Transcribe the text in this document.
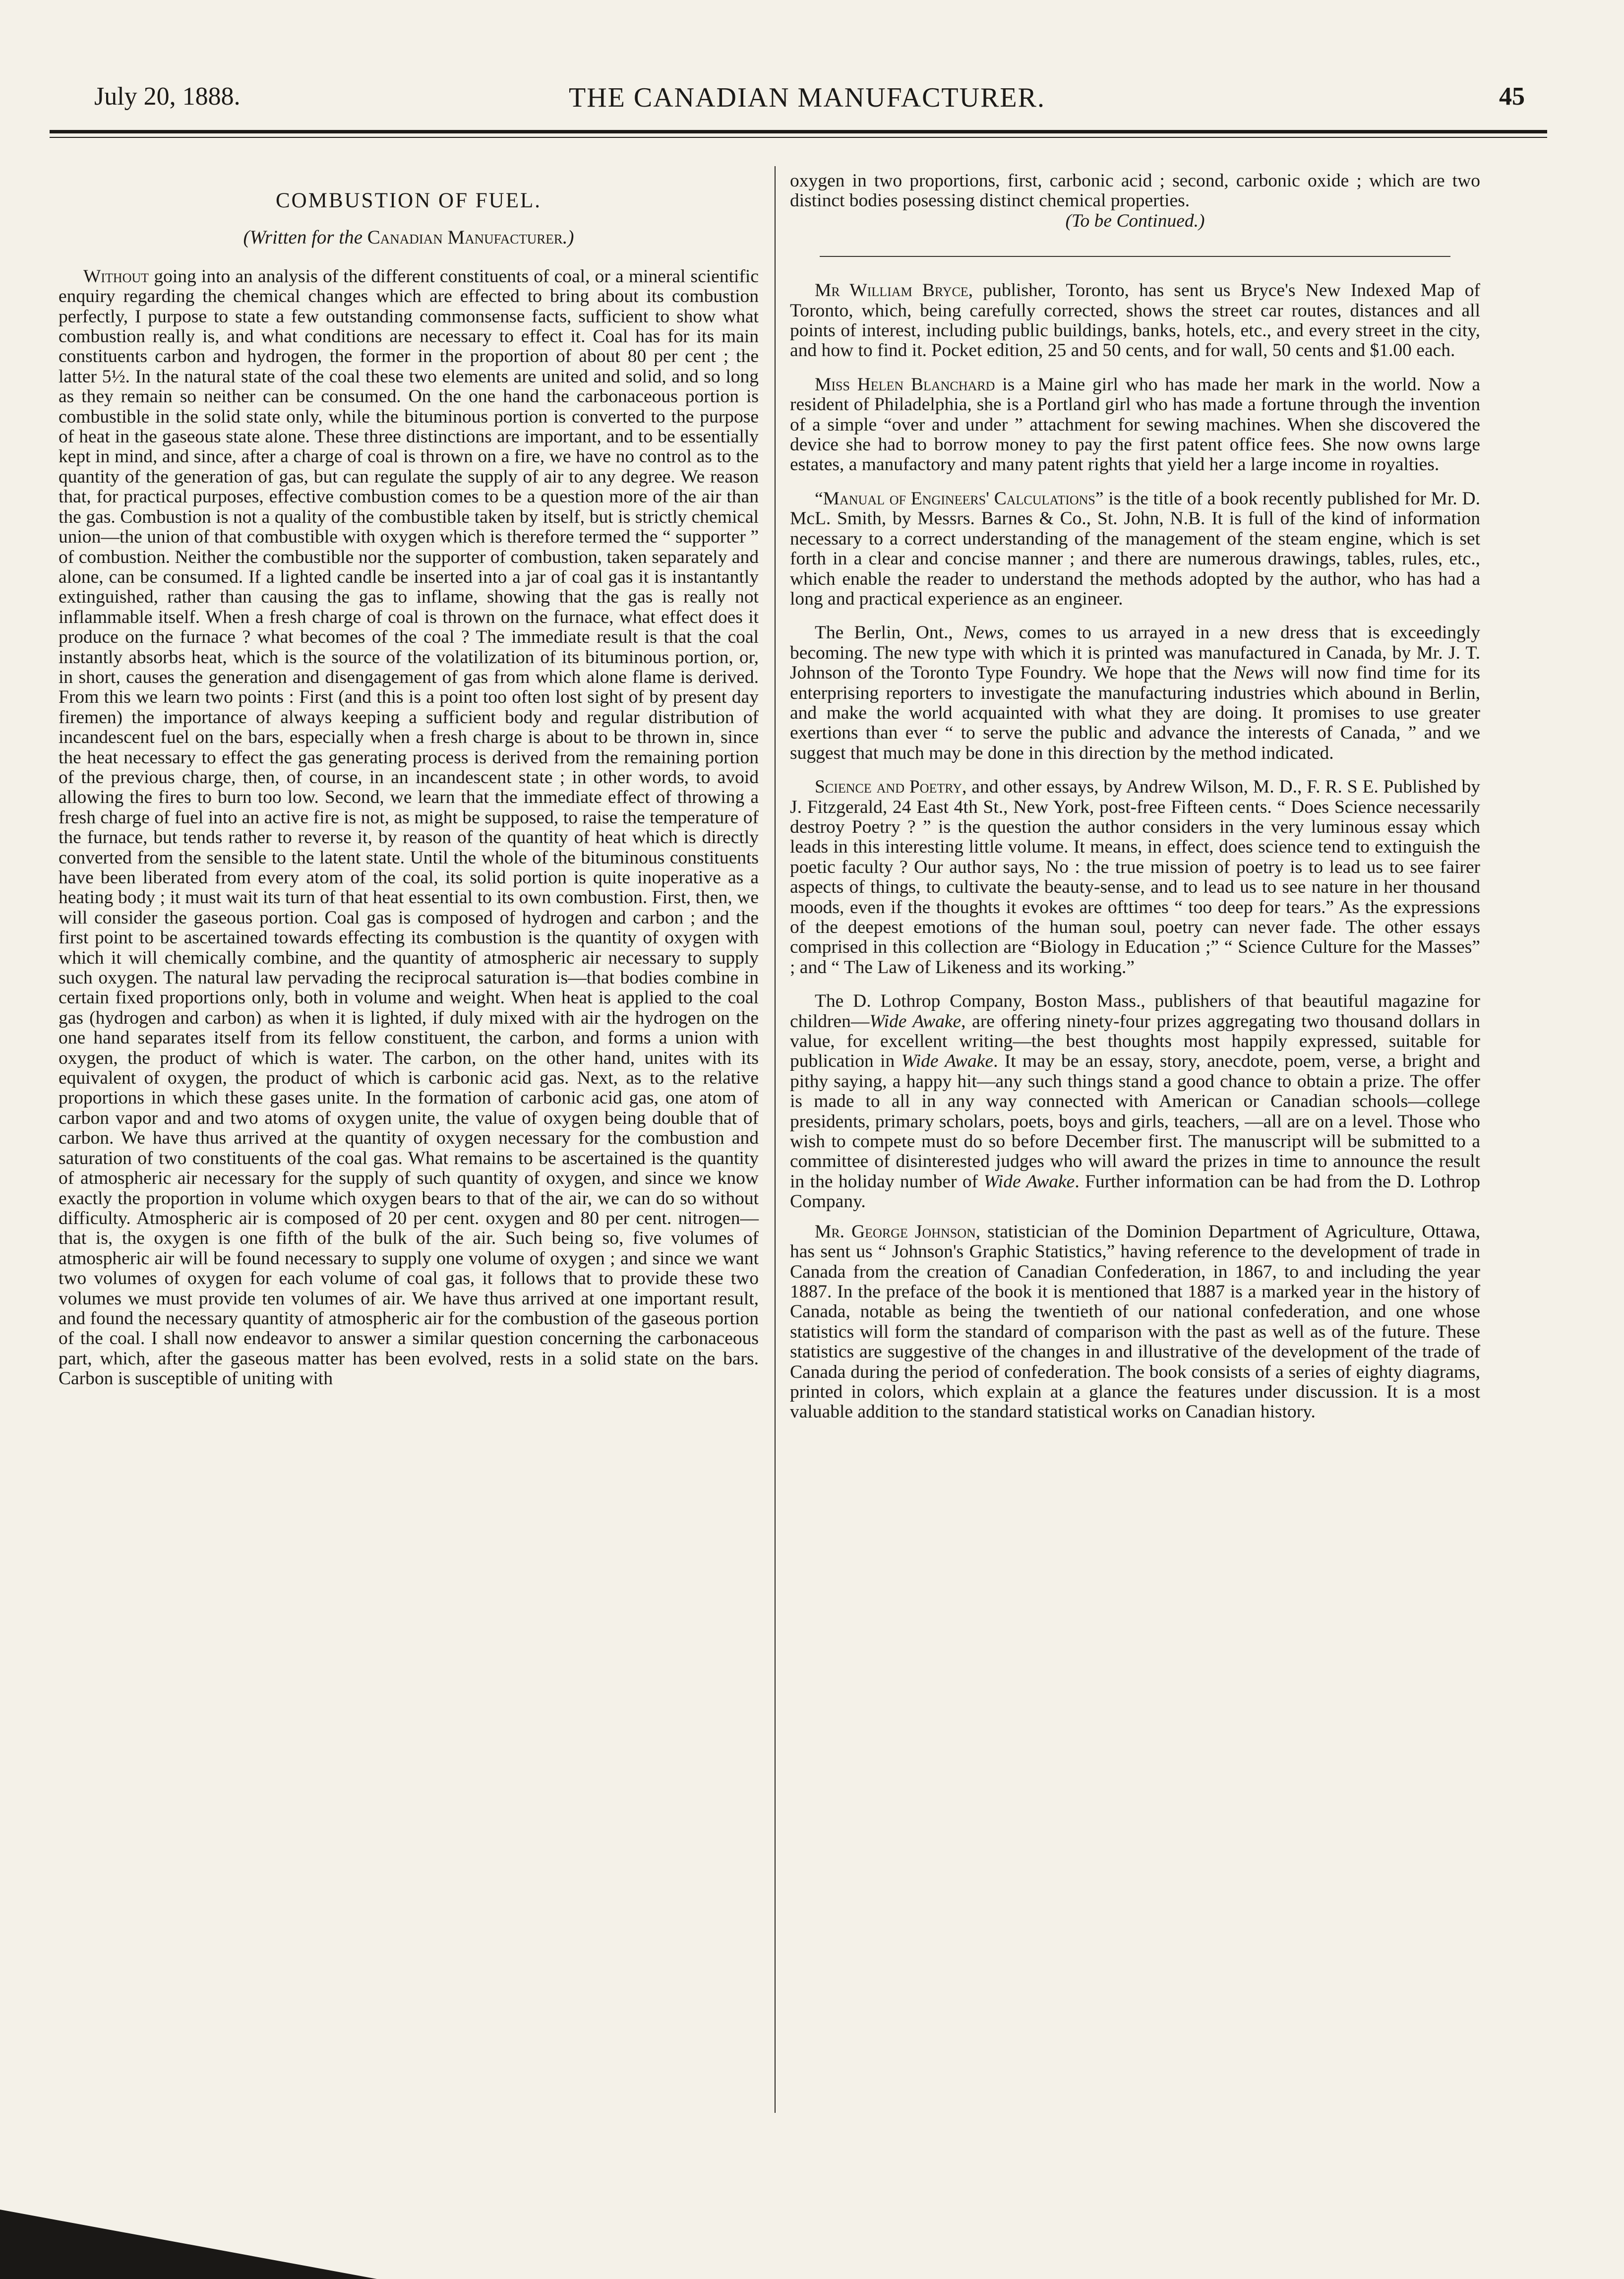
July 20, 1888.	THE CANADIAN MANUFACTURER.	45
COMBUSTION OF FUEL.
(Written for the Canadian Manufacturer.)

Without going into an analysis of the different constituents of coal, or a mineral scientific enquiry regarding the chemical changes which are effected to bring about its combustion perfectly, I purpose to state a few outstanding commonsense facts, sufficient to show what combustion really is, and what conditions are necessary to effect it. Coal has for its main constituents carbon and hydrogen, the former in the proportion of about 80 per cent ; the latter 5½. In the natural state of the coal these two elements are united and solid, and so long as they remain so neither can be consumed. On the one hand the carbonaceous portion is combustible in the solid state only, while the bituminous portion is converted to the purpose of heat in the gaseous state alone. These three distinctions are important, and to be essentially kept in mind, and since, after a charge of coal is thrown on a fire, we have no control as to the quantity of the generation of gas, but can regulate the supply of air to any degree. We reason that, for practical purposes, effective combustion comes to be a question more of the air than the gas. Combustion is not a quality of the combustible taken by itself, but is strictly chemical union—the union of that combustible with oxygen which is therefore termed the “ supporter ” of combustion. Neither the combustible nor the supporter of combustion, taken separately and alone, can be consumed. If a lighted candle be inserted into a jar of coal gas it is instantantly extinguished, rather than causing the gas to inflame, showing that the gas is really not inflammable itself. When a fresh charge of coal is thrown on the furnace, what effect does it produce on the furnace ? what becomes of the coal ? The immediate result is that the coal instantly absorbs heat, which is the source of the volatilization of its bituminous portion, or, in short, causes the generation and disengagement of gas from which alone flame is derived. From this we learn two points : First (and this is a point too often lost sight of by present day firemen) the importance of always keeping a sufficient body and regular distribution of incandescent fuel on the bars, especially when a fresh charge is about to be thrown in, since the heat necessary to effect the gas generating process is derived from the remaining portion of the previous charge, then, of course, in an incandescent state ; in other words, to avoid allowing the fires to burn too low. Second, we learn that the immediate effect of throwing a fresh charge of fuel into an active fire is not, as might be supposed, to raise the temperature of the furnace, but tends rather to reverse it, by reason of the quantity of heat which is directly converted from the sensible to the latent state. Until the whole of the bituminous constituents have been liberated from every atom of the coal, its solid portion is quite inoperative as a heating body ; it must wait its turn of that heat essential to its own combustion. First, then, we will consider the gaseous portion. Coal gas is composed of hydrogen and carbon ; and the first point to be ascertained towards effecting its combustion is the quantity of oxygen with which it will chemically combine, and the quantity of atmospheric air necessary to supply such oxygen. The natural law pervading the reciprocal saturation is—that bodies combine in certain fixed proportions only, both in volume and weight. When heat is applied to the coal gas (hydrogen and carbon) as when it is lighted, if duly mixed with air the hydrogen on the one hand separates itself from its fellow constituent, the carbon, and forms a union with oxygen, the product of which is water. The carbon, on the other hand, unites with its equivalent of oxygen, the product of which is carbonic acid gas. Next, as to the relative proportions in which these gases unite. In the formation of carbonic acid gas, one atom of carbon vapor and and two atoms of oxygen unite, the value of oxygen being double that of carbon. We have thus arrived at the quantity of oxygen necessary for the combustion and saturation of two constituents of the coal gas. What remains to be ascertained is the quantity of atmospheric air necessary for the supply of such quantity of oxygen, and since we know exactly the proportion in volume which oxygen bears to that of the air, we can do so without difficulty. Atmospheric air is composed of 20 per cent. oxygen and 80 per cent. nitrogen—that is, the oxygen is one fifth of the bulk of the air. Such being so, five volumes of atmospheric air will be found necessary to supply one volume of oxygen ; and since we want two volumes of oxygen for each volume of coal gas, it follows that to provide these two volumes we must provide ten volumes of air. We have thus arrived at one important result, and found the necessary quantity of atmospheric air for the combustion of the gaseous portion of the coal. I shall now endeavor to answer a similar question concerning the carbonaceous part, which, after the gaseous matter has been evolved, rests in a solid state on the bars. Carbon is susceptible of uniting with

oxygen in two proportions, first, carbonic acid ; second, carbonic oxide ; which are two distinct bodies posessing distinct chemical properties.

(To be Continued.)

Mr William Bryce, publisher, Toronto, has sent us Bryce's New Indexed Map of Toronto, which, being carefully corrected, shows the street car routes, distances and all points of interest, including public buildings, banks, hotels, etc., and every street in the city, and how to find it. Pocket edition, 25 and 50 cents, and for wall, 50 cents and $1.00 each.

Miss Helen Blanchard is a Maine girl who has made her mark in the world. Now a resident of Philadelphia, she is a Portland girl who has made a fortune through the invention of a simple “over and under ” attachment for sewing machines. When she discovered the device she had to borrow money to pay the first patent office fees. She now owns large estates, a manufactory and many patent rights that yield her a large income in royalties.

“Manual of Engineers' Calculations” is the title of a book recently published for Mr. D. McL. Smith, by Messrs. Barnes & Co., St. John, N.B. It is full of the kind of information necessary to a correct understanding of the management of the steam engine, which is set forth in a clear and concise manner ; and there are numerous drawings, tables, rules, etc., which enable the reader to understand the methods adopted by the author, who has had a long and practical experience as an engineer.

The Berlin, Ont., News, comes to us arrayed in a new dress that is exceedingly becoming. The new type with which it is printed was manufactured in Canada, by Mr. J. T. Johnson of the Toronto Type Foundry. We hope that the News will now find time for its enterprising reporters to investigate the manufacturing industries which abound in Berlin, and make the world acquainted with what they are doing. It promises to use greater exertions than ever “ to serve the public and advance the interests of Canada, ” and we suggest that much may be done in this direction by the method indicated.

Science and Poetry, and other essays, by Andrew Wilson, M. D., F. R. S E. Published by J. Fitzgerald, 24 East 4th St., New York, post-free Fifteen cents. “ Does Science necessarily destroy Poetry ? ” is the question the author considers in the very luminous essay which leads in this interesting little volume. It means, in effect, does science tend to extinguish the poetic faculty ? Our author says, No : the true mission of poetry is to lead us to see fairer aspects of things, to cultivate the beauty-sense, and to lead us to see nature in her thousand moods, even if the thoughts it evokes are ofttimes “ too deep for tears.” As the expressions of the deepest emotions of the human soul, poetry can never fade. The other essays comprised in this collection are “Biology in Education ;” “ Science Culture for the Masses” ; and “ The Law of Likeness and its working.”

The D. Lothrop Company, Boston Mass., publishers of that beautiful magazine for children—Wide Awake, are offering ninety-four prizes aggregating two thousand dollars in value, for excellent writing—the best thoughts most happily expressed, suitable for publication in Wide Awake. It may be an essay, story, anecdote, poem, verse, a bright and pithy saying, a happy hit—any such things stand a good chance to obtain a prize. The offer is made to all in any way connected with American or Canadian schools—college presidents, primary scholars, poets, boys and girls, teachers, —all are on a level. Those who wish to compete must do so before December first. The manuscript will be submitted to a committee of disinterested judges who will award the prizes in time to announce the result in the holiday number of Wide Awake. Further information can be had from the D. Lothrop Company.

Mr. George Johnson, statistician of the Dominion Department of Agriculture, Ottawa, has sent us “ Johnson's Graphic Statistics,” having reference to the development of trade in Canada from the creation of Canadian Confederation, in 1867, to and including the year 1887. In the preface of the book it is mentioned that 1887 is a marked year in the history of Canada, notable as being the twentieth of our national confederation, and one whose statistics will form the standard of comparison with the past as well as of the future. These statistics are suggestive of the changes in and illustrative of the development of the trade of Canada during the period of confederation. The book consists of a series of eighty diagrams, printed in colors, which explain at a glance the features under discussion. It is a most valuable addition to the standard statistical works on Canadian history.
